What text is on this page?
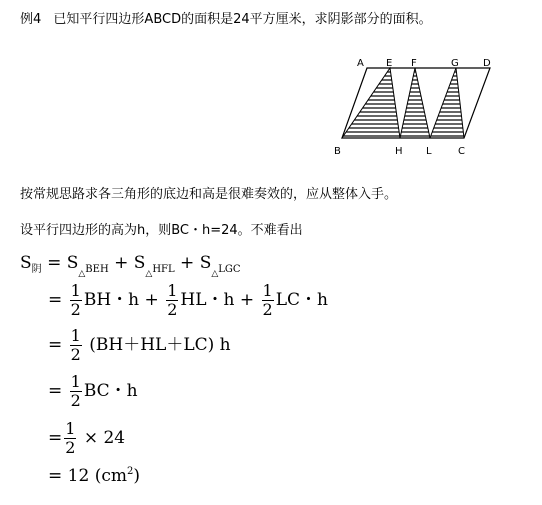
例4 已知平行四边形ABCD的面积是24平方厘米，求阴影部分的面积。
A E F	G D
B	H L	C
按常规思路求各三角形的底边和高是很难奏效的，应从整体入手。
设平行四边形的高为h，则BC・h=24。不难看出
$S_阴 = S_{\triangle BEH} + S_{\triangle HFL} + S_{\triangle LGC}$
= $\frac{1}{2}$ BH・$h + \frac{1}{2}$ HL・$h + \frac{1}{2}$ LC・h
= $\frac{1}{2} (BH+HL+LC)$ h
= $\frac{1}{2}$ BC・h
= $\frac{1}{2} \times 24$
= 12 $(cm^2)$
